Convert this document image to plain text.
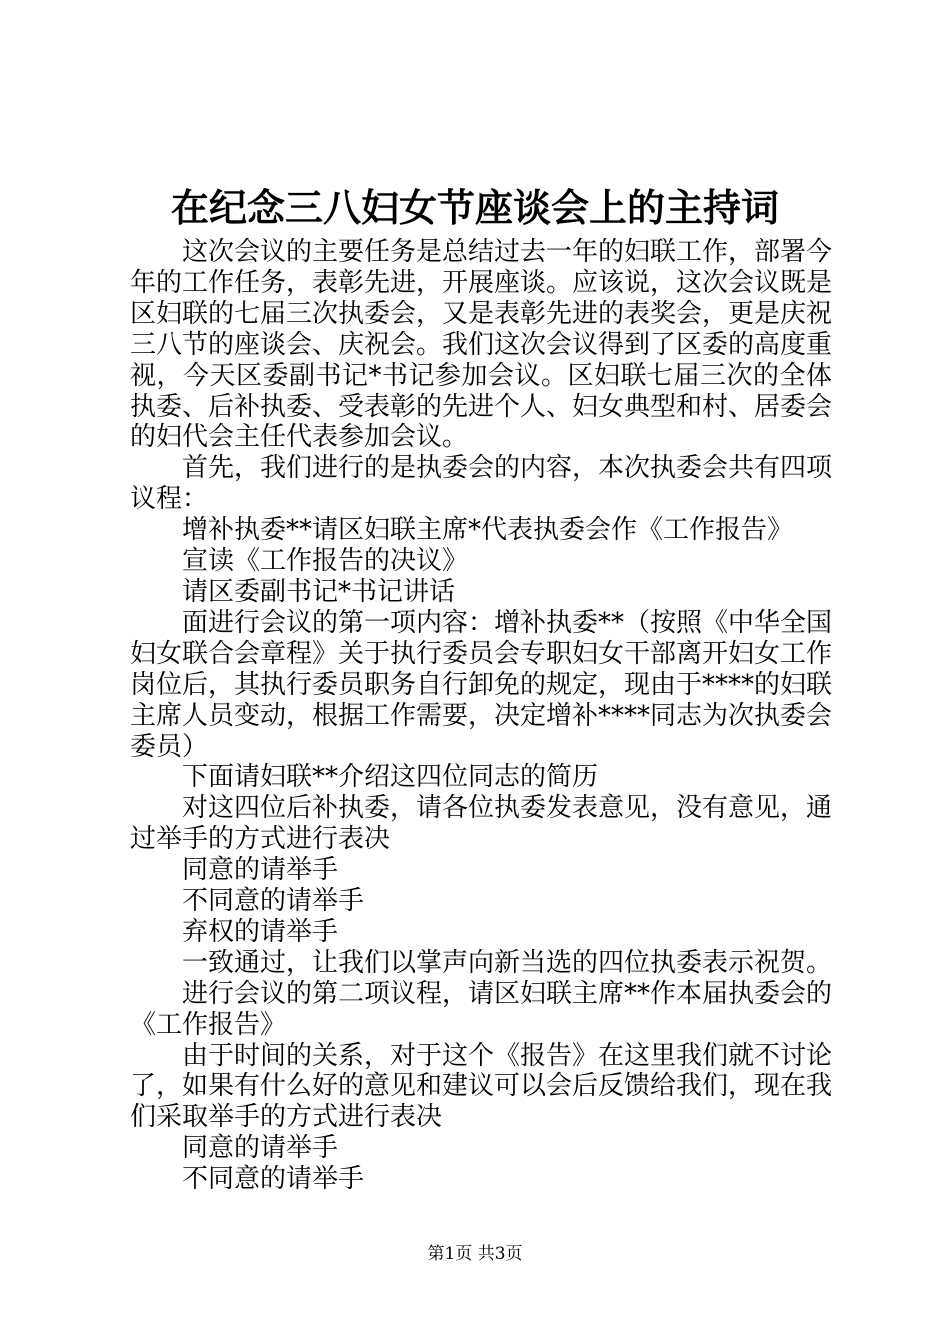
在纪念三八妇女节座谈会上的主持词

这次会议的主要任务是总结过去一年的妇联工作，部署今年的工作任务，表彰先进，开展座谈。应该说，这次会议既是区妇联的七届三次执委会，又是表彰先进的表奖会，更是庆祝三八节的座谈会、庆祝会。我们这次会议得到了区委的高度重视，今天区委副书记*书记参加会议。区妇联七届三次的全体执委、后补执委、受表彰的先进个人、妇女典型和村、居委会的妇代会主任代表参加会议。

首先，我们进行的是执委会的内容，本次执委会共有四项议程：

增补执委**请区妇联主席*代表执委会作《工作报告》

宣读《工作报告的决议》

请区委副书记*书记讲话

面进行会议的第一项内容：增补执委**（按照《中华全国妇女联合会章程》关于执行委员会专职妇女干部离开妇女工作岗位后，其执行委员职务自行卸免的规定，现由于****的妇联主席人员变动，根据工作需要，决定增补****同志为次执委会委员）

下面请妇联**介绍这四位同志的简历

对这四位后补执委，请各位执委发表意见，没有意见，通过举手的方式进行表决

同意的请举手

不同意的请举手

弃权的请举手

一致通过，让我们以掌声向新当选的四位执委表示祝贺。

进行会议的第二项议程，请区妇联主席**作本届执委会的《工作报告》

由于时间的关系，对于这个《报告》在这里我们就不讨论了，如果有什么好的意见和建议可以会后反馈给我们，现在我们采取举手的方式进行表决

同意的请举手

不同意的请举手

第1页 共3页
